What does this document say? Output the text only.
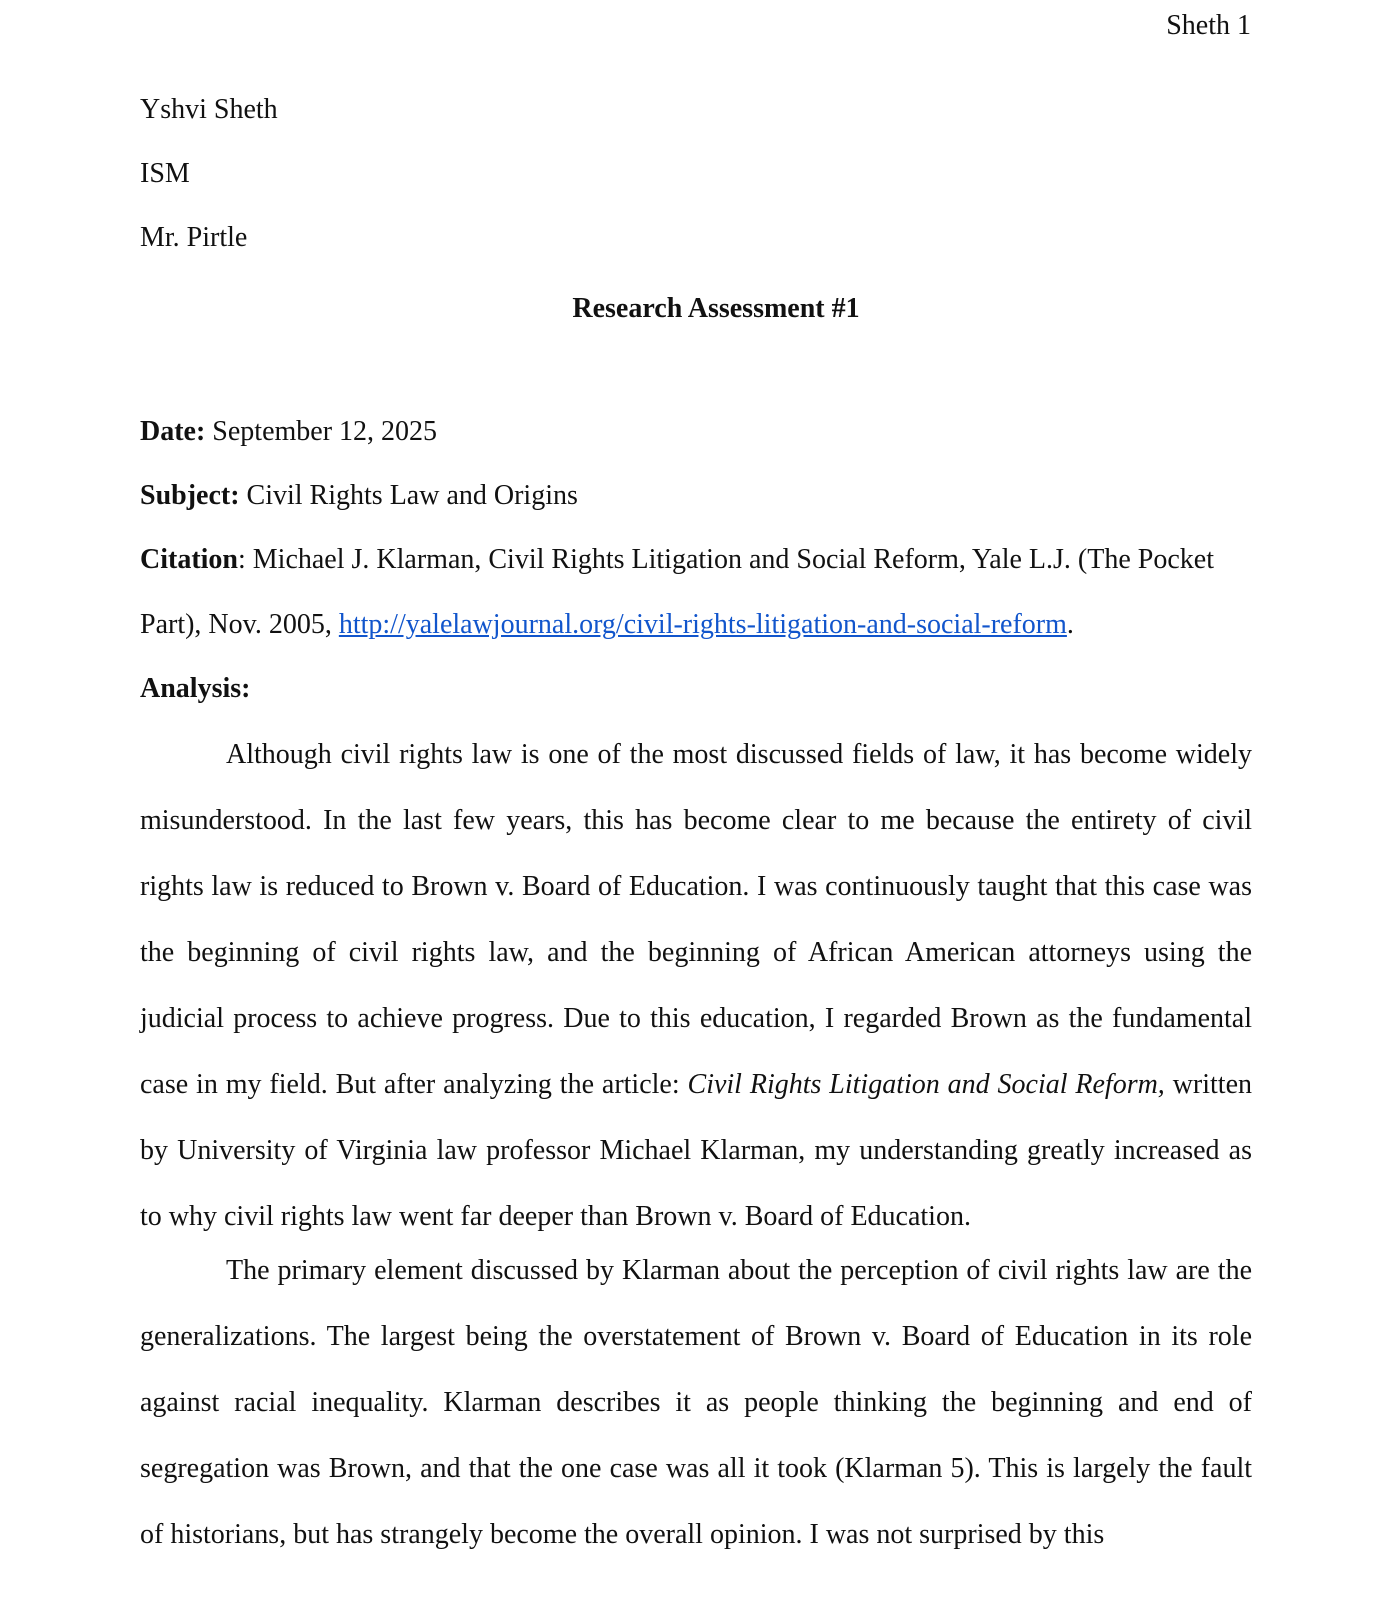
Sheth 1
Yshvi Sheth
ISM
Mr. Pirtle
Research Assessment #1
Date: September 12, 2025
Subject: Civil Rights Law and Origins
Citation: Michael J. Klarman, Civil Rights Litigation and Social Reform, Yale L.J. (The Pocket
Part), Nov. 2005, http://yalelawjournal.org/civil-rights-litigation-and-social-reform.
Analysis:
Although civil rights law is one of the most discussed fields of law, it has become widely misunderstood. In the last few years, this has become clear to me because the entirety of civil rights law is reduced to Brown v. Board of Education. I was continuously taught that this case was the beginning of civil rights law, and the beginning of African American attorneys using the judicial process to achieve progress. Due to this education, I regarded Brown as the fundamental case in my field. But after analyzing the article: Civil Rights Litigation and Social Reform, written by University of Virginia law professor Michael Klarman, my understanding greatly increased as to why civil rights law went far deeper than Brown v. Board of Education.
The primary element discussed by Klarman about the perception of civil rights law are the generalizations. The largest being the overstatement of Brown v. Board of Education in its role against racial inequality. Klarman describes it as people thinking the beginning and end of segregation was Brown, and that the one case was all it took (Klarman 5). This is largely the fault of historians, but has strangely become the overall opinion. I was not surprised by this
